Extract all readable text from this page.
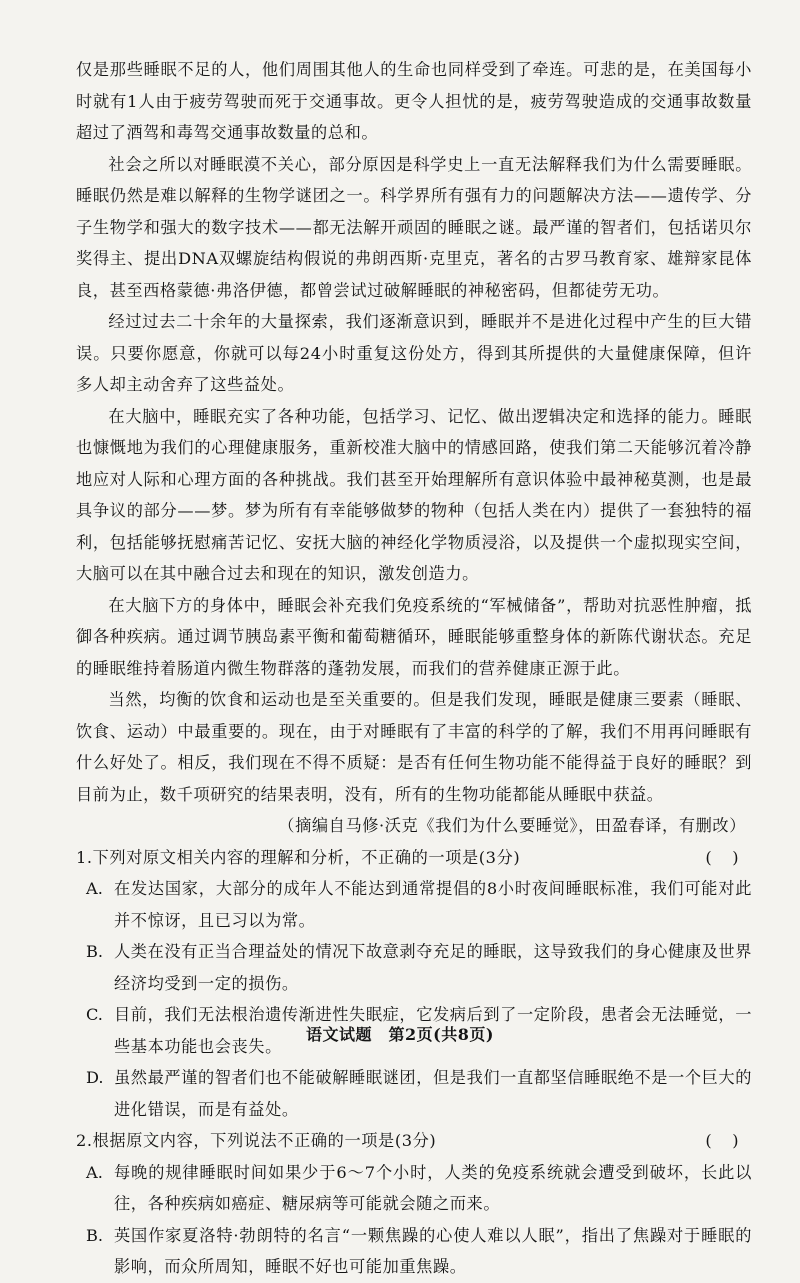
仅是那些睡眠不足的人，他们周围其他人的生命也同样受到了牵连。可悲的是，在美国每小时就有1人由于疲劳驾驶而死于交通事故。更令人担忧的是，疲劳驾驶造成的交通事故数量超过了酒驾和毒驾交通事故数量的总和。

社会之所以对睡眠漠不关心，部分原因是科学史上一直无法解释我们为什么需要睡眠。睡眠仍然是难以解释的生物学谜团之一。科学界所有强有力的问题解决方法——遗传学、分子生物学和强大的数字技术——都无法解开顽固的睡眠之谜。最严谨的智者们，包括诺贝尔奖得主、提出DNA双螺旋结构假说的弗朗西斯·克里克，著名的古罗马教育家、雄辩家昆体良，甚至西格蒙德·弗洛伊德，都曾尝试过破解睡眠的神秘密码，但都徒劳无功。

经过过去二十余年的大量探索，我们逐渐意识到，睡眠并不是进化过程中产生的巨大错误。只要你愿意，你就可以每24小时重复这份处方，得到其所提供的大量健康保障，但许多人却主动舍弃了这些益处。

在大脑中，睡眠充实了各种功能，包括学习、记忆、做出逻辑决定和选择的能力。睡眠也慷慨地为我们的心理健康服务，重新校准大脑中的情感回路，使我们第二天能够沉着冷静地应对人际和心理方面的各种挑战。我们甚至开始理解所有意识体验中最神秘莫测，也是最具争议的部分——梦。梦为所有有幸能够做梦的物种（包括人类在内）提供了一套独特的福利，包括能够抚慰痛苦记忆、安抚大脑的神经化学物质浸浴，以及提供一个虚拟现实空间，大脑可以在其中融合过去和现在的知识，激发创造力。

在大脑下方的身体中，睡眠会补充我们免疫系统的“军械储备”，帮助对抗恶性肿瘤，抵御各种疾病。通过调节胰岛素平衡和葡萄糖循环，睡眠能够重整身体的新陈代谢状态。充足的睡眠维持着肠道内微生物群落的蓬勃发展，而我们的营养健康正源于此。

当然，均衡的饮食和运动也是至关重要的。但是我们发现，睡眠是健康三要素（睡眠、饮食、运动）中最重要的。现在，由于对睡眠有了丰富的科学的了解，我们不用再问睡眠有什么好处了。相反，我们现在不得不质疑：是否有任何生物功能不能得益于良好的睡眠？到目前为止，数千项研究的结果表明，没有，所有的生物功能都能从睡眠中获益。

（摘编自马修·沃克《我们为什么要睡觉》，田盈春译，有删改）

1.下列对原文相关内容的理解和分析，不正确的一项是(3分)	(    )
A. 在发达国家，大部分的成年人不能达到通常提倡的8小时夜间睡眠标准，我们可能对此并不惊讶，且已习以为常。

B. 人类在没有正当合理益处的情况下故意剥夺充足的睡眠，这导致我们的身心健康及世界经济均受到一定的损伤。

C. 目前，我们无法根治遗传渐进性失眠症，它发病后到了一定阶段，患者会无法睡觉，一些基本功能也会丧失。

D. 虽然最严谨的智者们也不能破解睡眠谜团，但是我们一直都坚信睡眠绝不是一个巨大的进化错误，而是有益处。

2.根据原文内容，下列说法不正确的一项是(3分)	(    )
A. 每晚的规律睡眠时间如果少于6～7个小时，人类的免疫系统就会遭受到破坏，长此以往，各种疾病如癌症、糖尿病等可能就会随之而来。

B. 英国作家夏洛特·勃朗特的名言“一颗焦躁的心使人难以人眠”，指出了焦躁对于睡眠的影响，而众所周知，睡眠不好也可能加重焦躁。

语文试题　第2页(共8页)
